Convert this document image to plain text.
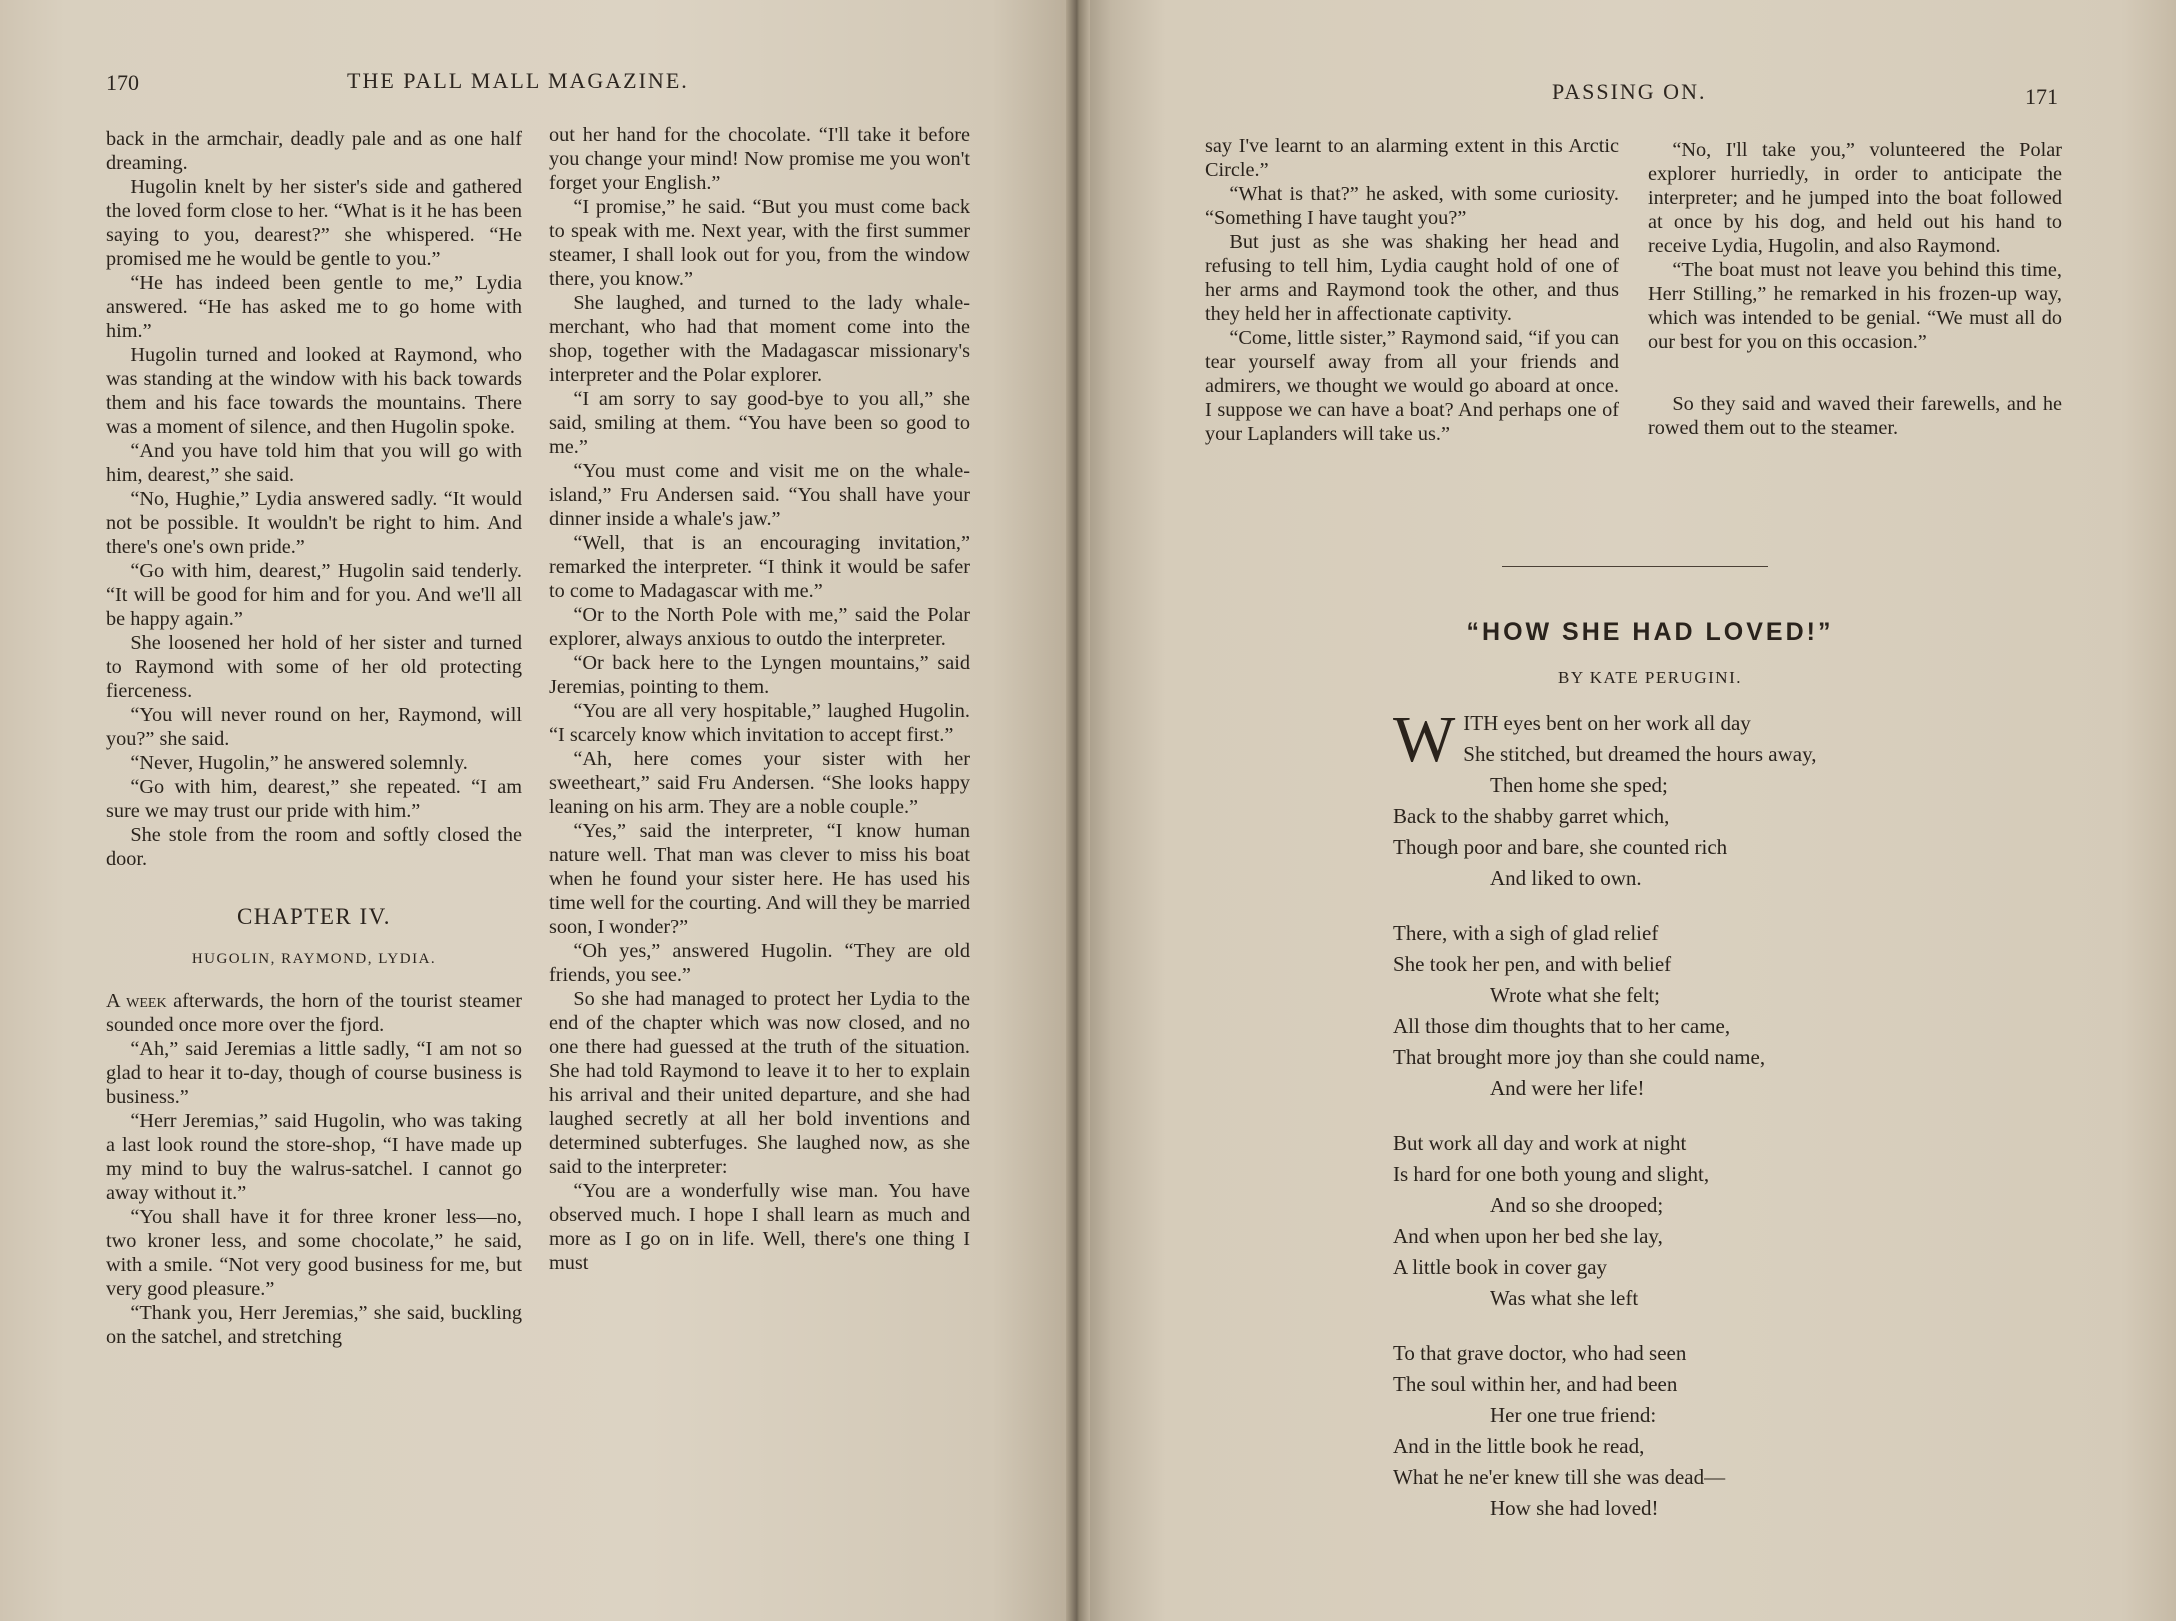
170	THE PALL MALL MAGAZINE.	PASSING ON.	171

back in the armchair, deadly pale and as one half dreaming.

Hugolin knelt by her sister's side and gathered the loved form close to her. “What is it he has been saying to you, dearest?” she whispered. “He promised me he would be gentle to you.”

“He has indeed been gentle to me,” Lydia answered. “He has asked me to go home with him.”

Hugolin turned and looked at Raymond, who was standing at the window with his back towards them and his face towards the mountains. There was a moment of silence, and then Hugolin spoke.

“And you have told him that you will go with him, dearest,” she said.

“No, Hughie,” Lydia answered sadly. “It would not be possible. It wouldn't be right to him. And there's one's own pride.”

“Go with him, dearest,” Hugolin said tenderly. “It will be good for him and for you. And we'll all be happy again.”

She loosened her hold of her sister and turned to Raymond with some of her old protecting fierceness.

“You will never round on her, Raymond, will you?” she said.

“Never, Hugolin,” he answered solemnly.

“Go with him, dearest,” she repeated. “I am sure we may trust our pride with him.”

She stole from the room and softly closed the door.

CHAPTER IV.
HUGOLIN, RAYMOND, LYDIA.

A week afterwards, the horn of the tourist steamer sounded once more over the fjord.

“Ah,” said Jeremias a little sadly, “I am not so glad to hear it to-day, though of course business is business.”

“Herr Jeremias,” said Hugolin, who was taking a last look round the store-shop, “I have made up my mind to buy the walrus-satchel. I cannot go away without it.”

“You shall have it for three kroner less—no, two kroner less, and some chocolate,” he said, with a smile. “Not very good business for me, but very good pleasure.”

“Thank you, Herr Jeremias,” she said, buckling on the satchel, and stretching

out her hand for the chocolate. “I'll take it before you change your mind! Now promise me you won't forget your English.”

“I promise,” he said. “But you must come back to speak with me. Next year, with the first summer steamer, I shall look out for you, from the window there, you know.”

She laughed, and turned to the lady whale-merchant, who had that moment come into the shop, together with the Madagascar missionary's interpreter and the Polar explorer.

“I am sorry to say good-bye to you all,” she said, smiling at them. “You have been so good to me.”

“You must come and visit me on the whale-island,” Fru Andersen said. “You shall have your dinner inside a whale's jaw.”

“Well, that is an encouraging invitation,” remarked the interpreter. “I think it would be safer to come to Madagascar with me.”

“Or to the North Pole with me,” said the Polar explorer, always anxious to outdo the interpreter.

“Or back here to the Lyngen mountains,” said Jeremias, pointing to them.

“You are all very hospitable,” laughed Hugolin. “I scarcely know which invitation to accept first.”

“Ah, here comes your sister with her sweetheart,” said Fru Andersen. “She looks happy leaning on his arm. They are a noble couple.”

“Yes,” said the interpreter, “I know human nature well. That man was clever to miss his boat when he found your sister here. He has used his time well for the courting. And will they be married soon, I wonder?”

“Oh yes,” answered Hugolin. “They are old friends, you see.”

So she had managed to protect her Lydia to the end of the chapter which was now closed, and no one there had guessed at the truth of the situation. She had told Raymond to leave it to her to explain his arrival and their united departure, and she had laughed secretly at all her bold inventions and determined subterfuges. She laughed now, as she said to the interpreter:

“You are a wonderfully wise man. You have observed much. I hope I shall learn as much and more as I go on in life. Well, there's one thing I must

say I've learnt to an alarming extent in this Arctic Circle.”

“What is that?” he asked, with some curiosity. “Something I have taught you?”

But just as she was shaking her head and refusing to tell him, Lydia caught hold of one of her arms and Raymond took the other, and thus they held her in affectionate captivity.

“Come, little sister,” Raymond said, “if you can tear yourself away from all your friends and admirers, we thought we would go aboard at once. I suppose we can have a boat? And perhaps one of your Laplanders will take us.”

“No, I'll take you,” volunteered the Polar explorer hurriedly, in order to anticipate the interpreter; and he jumped into the boat followed at once by his dog, and held out his hand to receive Lydia, Hugolin, and also Raymond.

“The boat must not leave you behind this time, Herr Stilling,” he remarked in his frozen-up way, which was intended to be genial. “We must all do our best for you on this occasion.”

So they said and waved their farewells, and he rowed them out to the steamer.

“HOW SHE HAD LOVED!”
BY KATE PERUGINI.
W ITH eyes bent on her work all day
She stitched, but dreamed the hours away,
Then home she sped;
Back to the shabby garret which,
Though poor and bare, she counted rich
And liked to own.
There, with a sigh of glad relief
She took her pen, and with belief
Wrote what she felt;
All those dim thoughts that to her came,
That brought more joy than she could name,
And were her life!
But work all day and work at night
Is hard for one both young and slight,
And so she drooped;
And when upon her bed she lay,
A little book in cover gay
Was what she left
To that grave doctor, who had seen
The soul within her, and had been
Her one true friend:
And in the little book he read,
What he ne'er knew till she was dead—
How she had loved!
